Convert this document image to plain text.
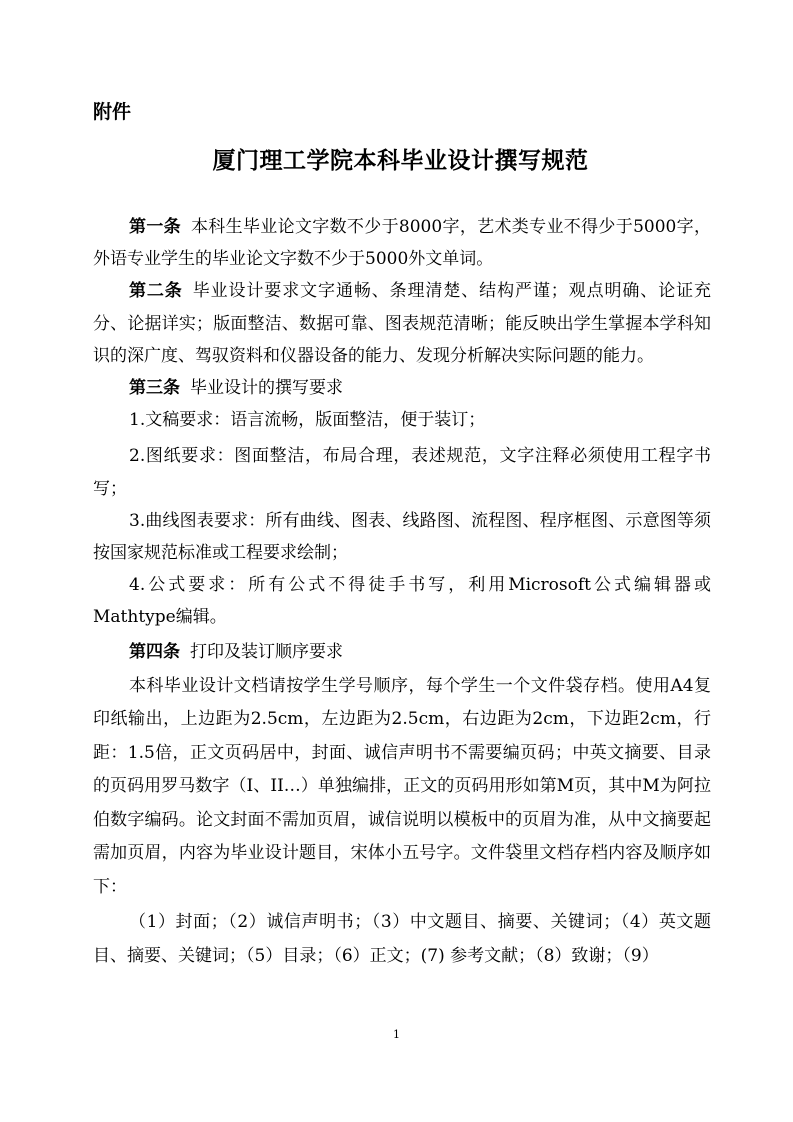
附件
厦门理工学院本科毕业设计撰写规范

第一条 本科生毕业论文字数不少于8000字，艺术类专业不得少于5000字，外语专业学生的毕业论文字数不少于5000外文单词。

第二条 毕业设计要求文字通畅、条理清楚、结构严谨；观点明确、论证充分、论据详实；版面整洁、数据可靠、图表规范清晰；能反映出学生掌握本学科知识的深广度、驾驭资料和仪器设备的能力、发现分析解决实际问题的能力。

第三条 毕业设计的撰写要求

1.文稿要求：语言流畅，版面整洁，便于装订；

2.图纸要求：图面整洁，布局合理，表述规范，文字注释必须使用工程字书写；

3.曲线图表要求：所有曲线、图表、线路图、流程图、程序框图、示意图等须按国家规范标准或工程要求绘制；

4.公式要求：所有公式不得徒手书写，利用Microsoft公式编辑器或Mathtype编辑。

第四条 打印及装订顺序要求

本科毕业设计文档请按学生学号顺序，每个学生一个文件袋存档。使用A4复印纸输出，上边距为2.5cm，左边距为2.5cm，右边距为2cm，下边距2cm，行距：1.5倍，正文页码居中，封面、诚信声明书不需要编页码；中英文摘要、目录的页码用罗马数字（I、II…）单独编排，正文的页码用形如第M页，其中M为阿拉伯数字编码。论文封面不需加页眉，诚信说明以模板中的页眉为准，从中文摘要起需加页眉，内容为毕业设计题目，宋体小五号字。文件袋里文档存档内容及顺序如下：

（1）封面；（2）诚信声明书；（3）中文题目、摘要、关键词；（4）英文题目、摘要、关键词；（5）目录；（6）正文；(7) 参考文献；（8）致谢；（9）

1
